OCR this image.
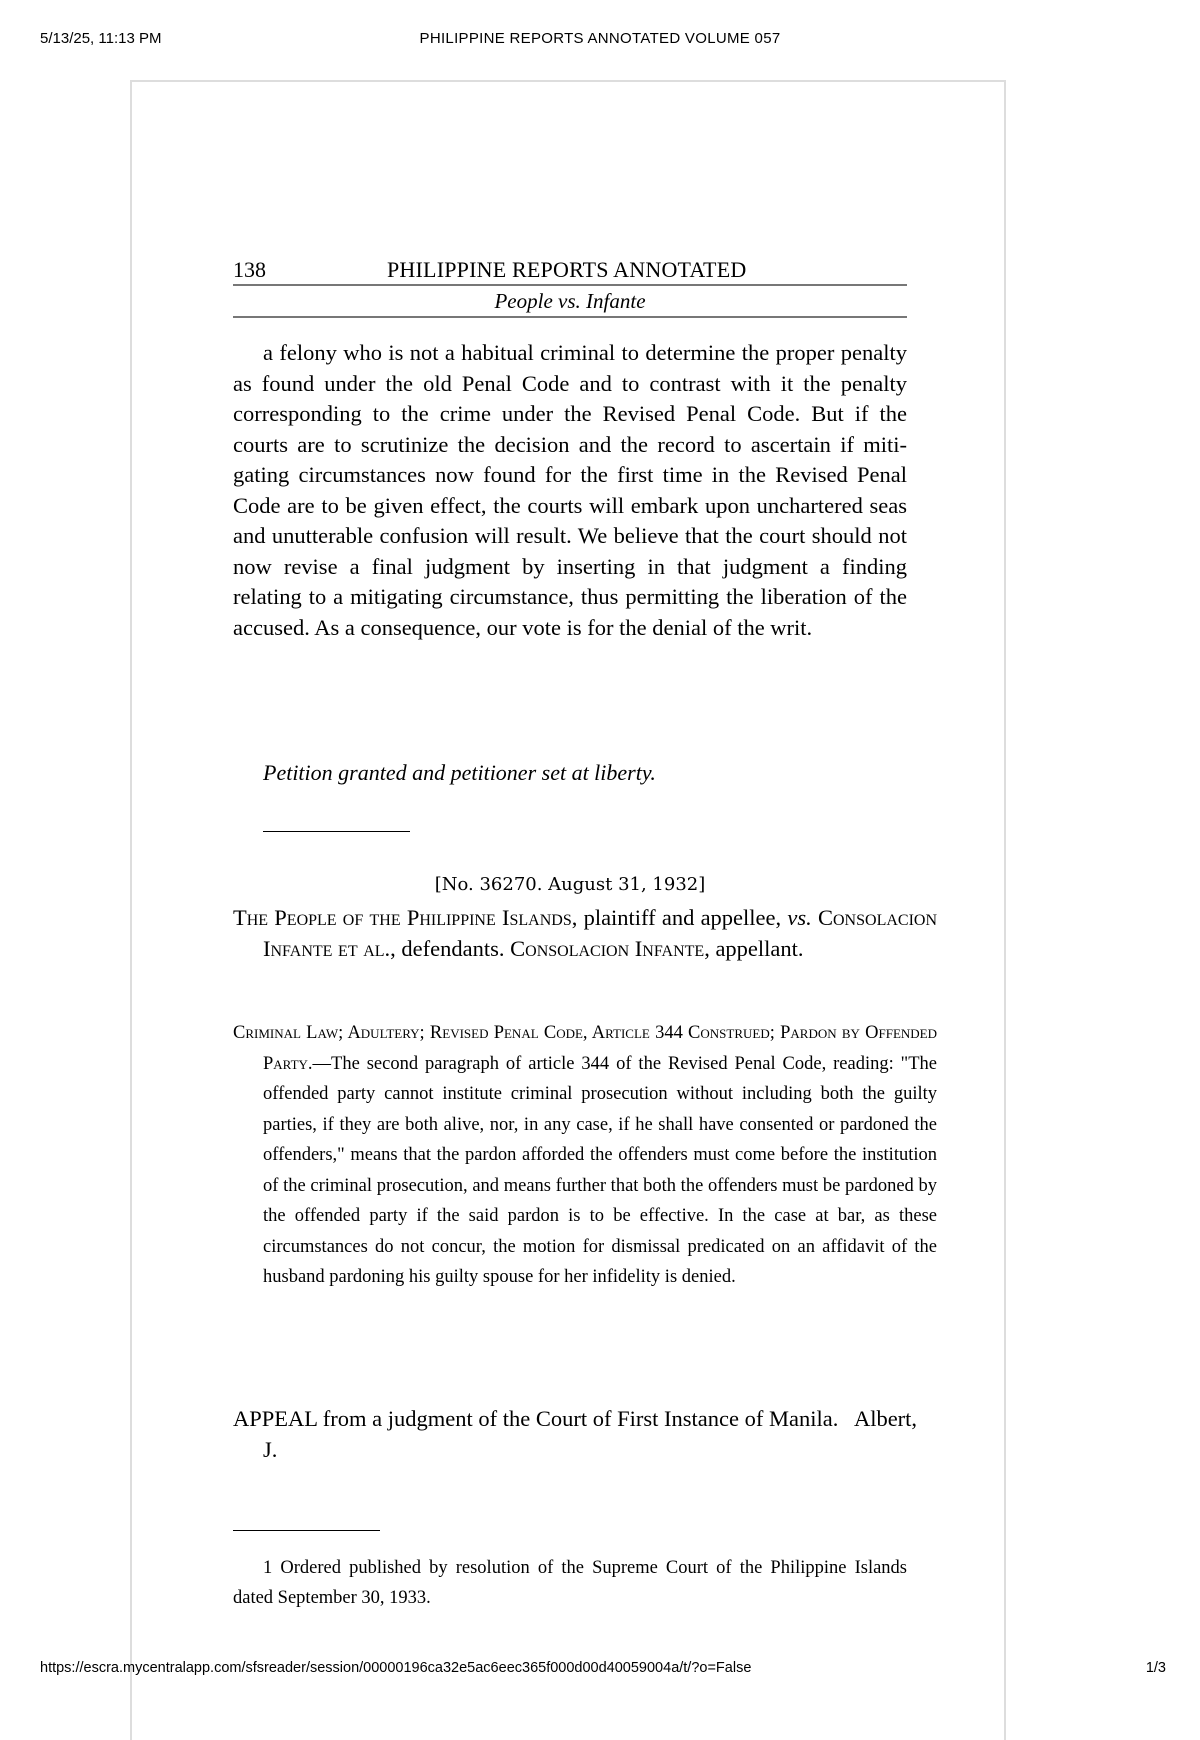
5/13/25, 11:13 PM	PHILIPPINE REPORTS ANNOTATED VOLUME 057
138	PHILIPPINE REPORTS ANNOTATED
People vs. Infante

a felony who is not a habitual criminal to determine the proper penalty as found under the old Penal Code and to contrast with it the penalty corresponding to the crime under the Revised Penal Code. But if the courts are to scrutinize the decision and the record to ascertain if miti-gating circumstances now found for the first time in the Revised Penal Code are to be given effect, the courts will embark upon unchartered seas and unutterable confusion will result. We believe that the court should not now revise a final judgment by inserting in that judgment a finding relating to a mitigating circumstance, thus permitting the liberation of the accused. As a consequence, our vote is for the denial of the writ.

Petition granted and petitioner set at liberty.
[No. 36270. August 31, 1932]
The People of the Philippine Islands, plaintiff and appellee, vs. Consolacion Infante et al., defendants. Consolacion Infante, appellant.
Criminal Law; Adultery; Revised Penal Code, Article 344 Construed; Pardon by Offended Party.—The second paragraph of article 344 of the Revised Penal Code, reading: "The offended party cannot institute criminal prosecution without including both the guilty parties, if they are both alive, nor, in any case, if he shall have consented or pardoned the offenders," means that the pardon afforded the offenders must come before the institution of the criminal prosecution, and means further that both the offenders must be pardoned by the offended party if the said pardon is to be effective. In the case at bar, as these circumstances do not concur, the motion for dismissal predicated on an affidavit of the husband pardoning his guilty spouse for her infidelity is denied.
APPEAL from a judgment of the Court of First Instance of Manila.   Albert, J.
1 Ordered published by resolution of the Supreme Court of the Philippine Islands dated September 30, 1933.
https://escra.mycentralapp.com/sfsreader/session/00000196ca32e5ac6eec365f000d00d40059004a/t/?o=False	1/3
